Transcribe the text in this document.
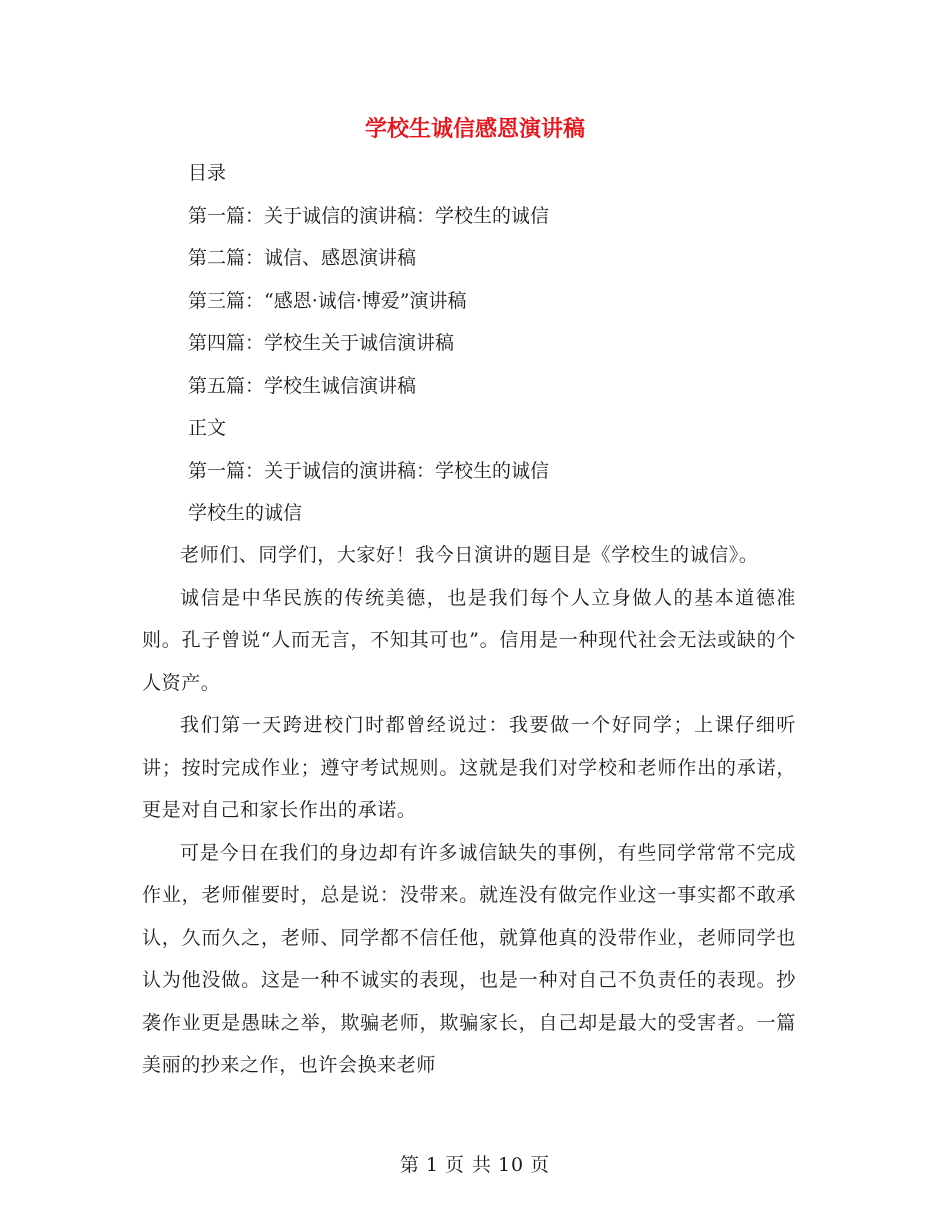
学校生诚信感恩演讲稿
目录
第一篇：关于诚信的演讲稿：学校生的诚信
第二篇：诚信、感恩演讲稿
第三篇：“感恩·诚信·博爱”演讲稿
第四篇：学校生关于诚信演讲稿
第五篇：学校生诚信演讲稿
正文
第一篇：关于诚信的演讲稿：学校生的诚信
学校生的诚信

老师们、同学们，大家好！我今日演讲的题目是《学校生的诚信》。

诚信是中华民族的传统美德，也是我们每个人立身做人的基本道德准则。孔子曾说“人而无言，不知其可也”。信用是一种现代社会无法或缺的个人资产。

我们第一天跨进校门时都曾经说过：我要做一个好同学；上课仔细听讲；按时完成作业；遵守考试规则。这就是我们对学校和老师作出的承诺，更是对自己和家长作出的承诺。

可是今日在我们的身边却有许多诚信缺失的事例，有些同学常常不完成作业，老师催要时，总是说：没带来。就连没有做完作业这一事实都不敢承认，久而久之，老师、同学都不信任他，就算他真的没带作业，老师同学也认为他没做。这是一种不诚实的表现，也是一种对自己不负责任的表现。抄袭作业更是愚昧之举，欺骗老师，欺骗家长，自己却是最大的受害者。一篇美丽的抄来之作，也许会换来老师

第 1 页 共 10 页
